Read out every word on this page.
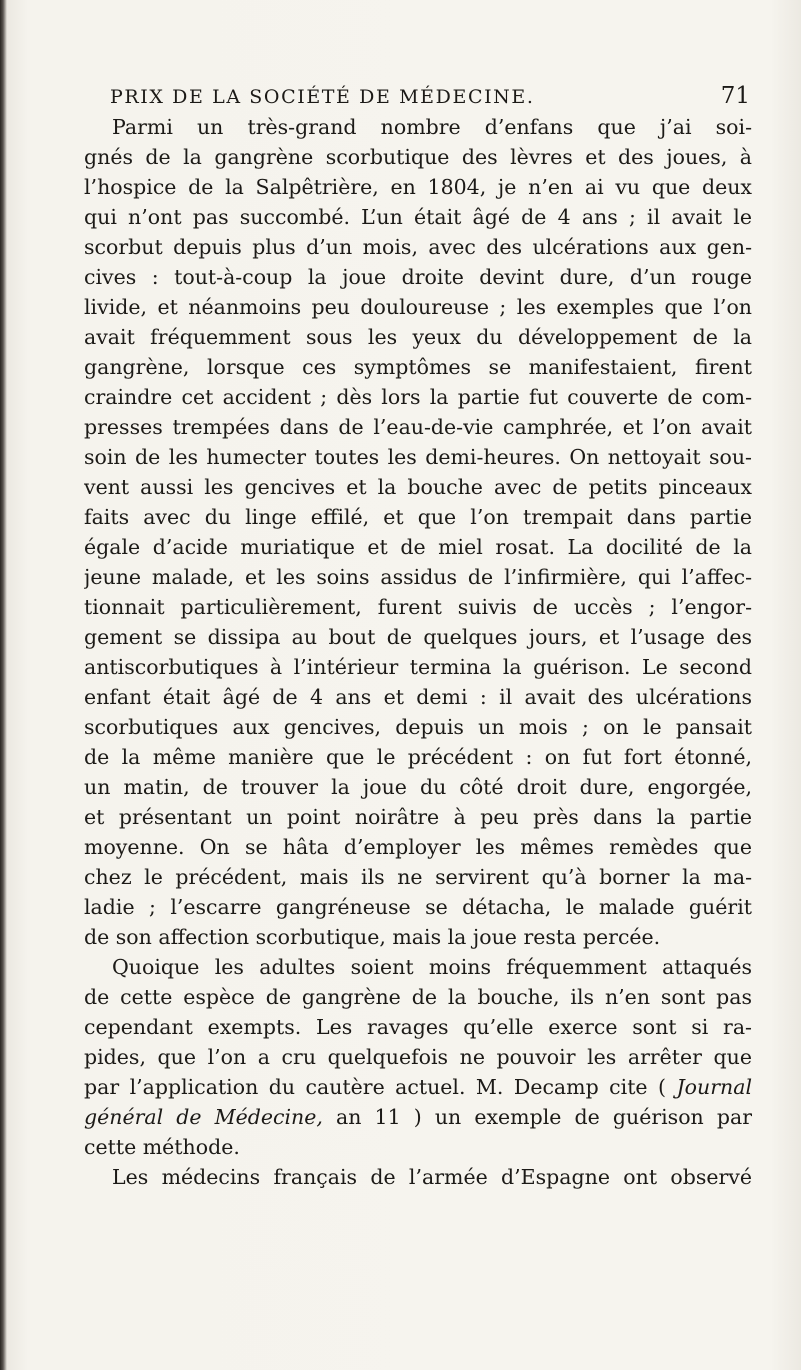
PRIX DE LA SOCIÉTÉ DE MÉDECINE.	71
Parmi un très-grand nombre d’enfans que j’ai soi-
gnés de la gangrène scorbutique des lèvres et des joues, à
l’hospice de la Salpêtrière, en 1804, je n’en ai vu que deux
qui n’ont pas succombé. L’un était âgé de 4 ans ; il avait le
scorbut depuis plus d’un mois, avec des ulcérations aux gen-
cives : tout-à-coup la joue droite devint dure, d’un rouge
livide, et néanmoins peu douloureuse ; les exemples que l’on
avait fréquemment sous les yeux du développement de la
gangrène, lorsque ces symptômes se manifestaient, firent
craindre cet accident ; dès lors la partie fut couverte de com-
presses trempées dans de l’eau-de-vie camphrée, et l’on avait
soin de les humecter toutes les demi-heures. On nettoyait sou-
vent aussi les gencives et la bouche avec de petits pinceaux
faits avec du linge effilé, et que l’on trempait dans partie
égale d’acide muriatique et de miel rosat. La docilité de la
jeune malade, et les soins assidus de l’infirmière, qui l’affec-
tionnait particulièrement, furent suivis de uccès ; l’engor-
gement se dissipa au bout de quelques jours, et l’usage des
antiscorbutiques à l’intérieur termina la guérison. Le second
enfant était âgé de 4 ans et demi : il avait des ulcérations
scorbutiques aux gencives, depuis un mois ; on le pansait
de la même manière que le précédent : on fut fort étonné,
un matin, de trouver la joue du côté droit dure, engorgée,
et présentant un point noirâtre à peu près dans la partie
moyenne. On se hâta d’employer les mêmes remèdes que
chez le précédent, mais ils ne servirent qu’à borner la ma-
ladie ; l’escarre gangréneuse se détacha, le malade guérit
de son affection scorbutique, mais la joue resta percée.
Quoique les adultes soient moins fréquemment attaqués
de cette espèce de gangrène de la bouche, ils n’en sont pas
cependant exempts. Les ravages qu’elle exerce sont si ra-
pides, que l’on a cru quelquefois ne pouvoir les arrêter que
par l’application du cautère actuel. M. Decamp cite ( Journal
général de Médecine, an 11 ) un exemple de guérison par
cette méthode.
Les médecins français de l’armée d’Espagne ont observé
